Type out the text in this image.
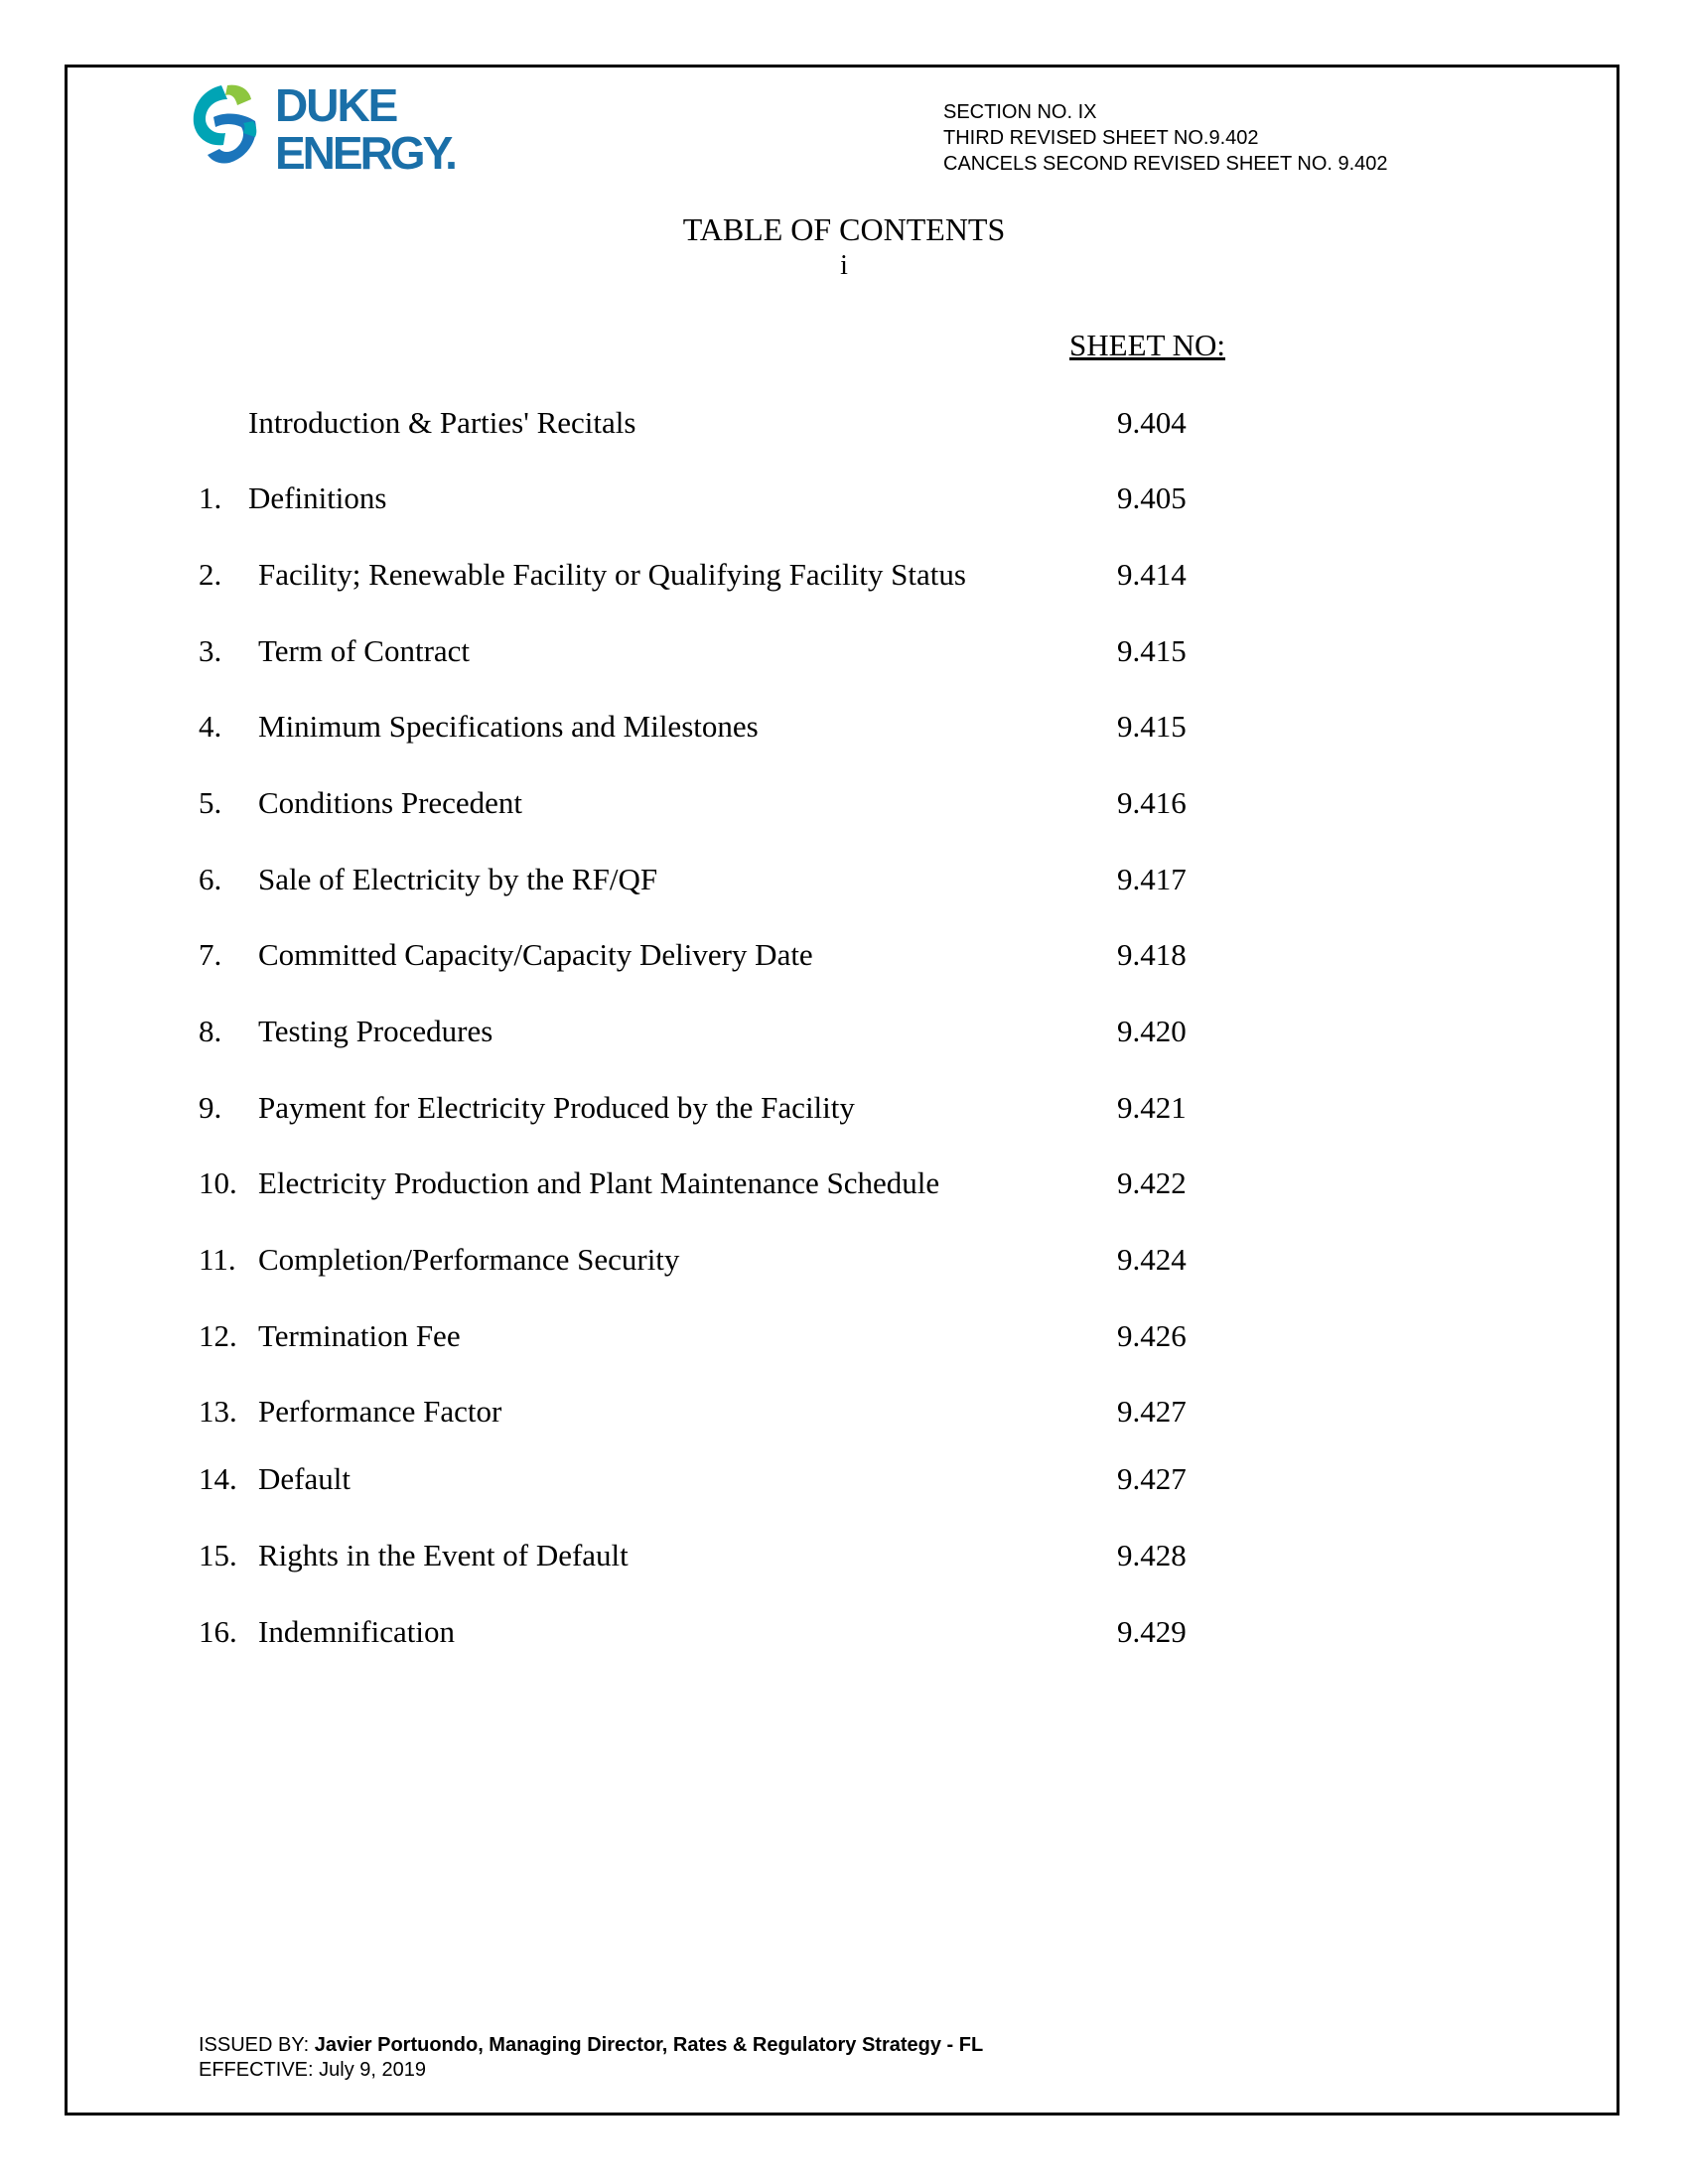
DUKE
ENERGY.
SECTION NO. IX
THIRD REVISED SHEET NO.9.402
CANCELS SECOND REVISED SHEET NO. 9.402
TABLE OF CONTENTS
i
SHEET NO:
Introduction & Parties' Recitals	9.404
1. Definitions	9.405
2. Facility; Renewable Facility or Qualifying Facility Status	9.414
3. Term of Contract	9.415
4. Minimum Specifications and Milestones	9.415
5. Conditions Precedent	9.416
6. Sale of Electricity by the RF/QF	9.417
7. Committed Capacity/Capacity Delivery Date	9.418
8. Testing Procedures	9.420
9. Payment for Electricity Produced by the Facility	9.421
10. Electricity Production and Plant Maintenance Schedule	9.422
11. Completion/Performance Security	9.424
12. Termination Fee	9.426
13. Performance Factor	9.427
14. Default	9.427
15. Rights in the Event of Default	9.428
16. Indemnification	9.429
ISSUED BY: Javier Portuondo, Managing Director, Rates & Regulatory Strategy - FL
EFFECTIVE: July 9, 2019
